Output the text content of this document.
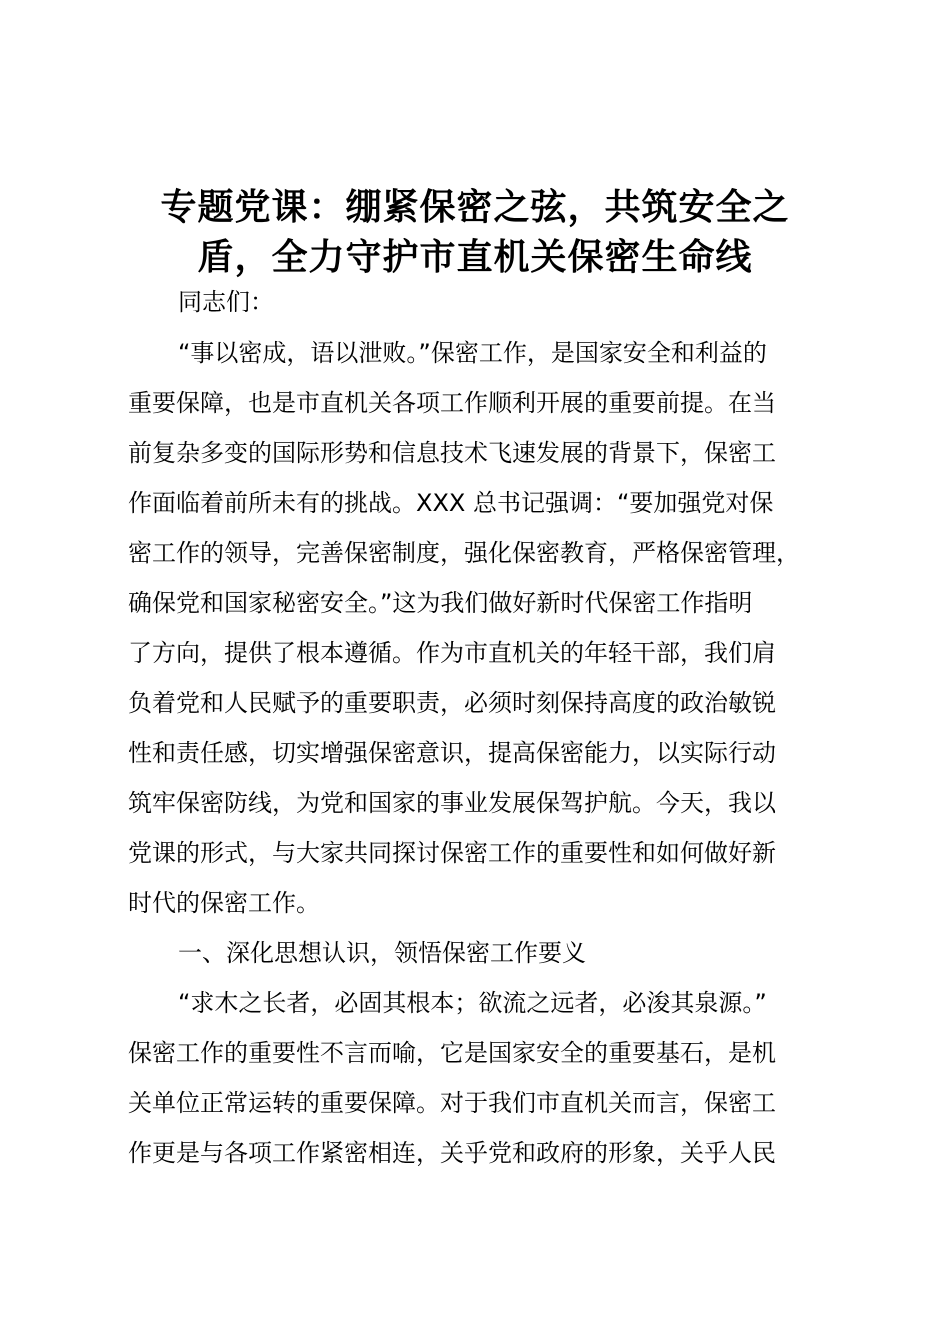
专题党课：绷紧保密之弦，共筑安全之
盾，全力守护市直机关保密生命线
同志们：
“事以密成，语以泄败。”保密工作，是国家安全和利益的
重要保障，也是市直机关各项工作顺利开展的重要前提。在当
前复杂多变的国际形势和信息技术飞速发展的背景下，保密工
作面临着前所未有的挑战。XXX 总书记强调：“要加强党对保
密工作的领导，完善保密制度，强化保密教育，严格保密管理，
确保党和国家秘密安全。”这为我们做好新时代保密工作指明
了方向，提供了根本遵循。作为市直机关的年轻干部，我们肩
负着党和人民赋予的重要职责，必须时刻保持高度的政治敏锐
性和责任感，切实增强保密意识，提高保密能力，以实际行动
筑牢保密防线，为党和国家的事业发展保驾护航。今天，我以
党课的形式，与大家共同探讨保密工作的重要性和如何做好新
时代的保密工作。
一、深化思想认识，领悟保密工作要义
“求木之长者，必固其根本；欲流之远者，必浚其泉源。”
保密工作的重要性不言而喻，它是国家安全的重要基石，是机
关单位正常运转的重要保障。对于我们市直机关而言，保密工
作更是与各项工作紧密相连，关乎党和政府的形象，关乎人民
